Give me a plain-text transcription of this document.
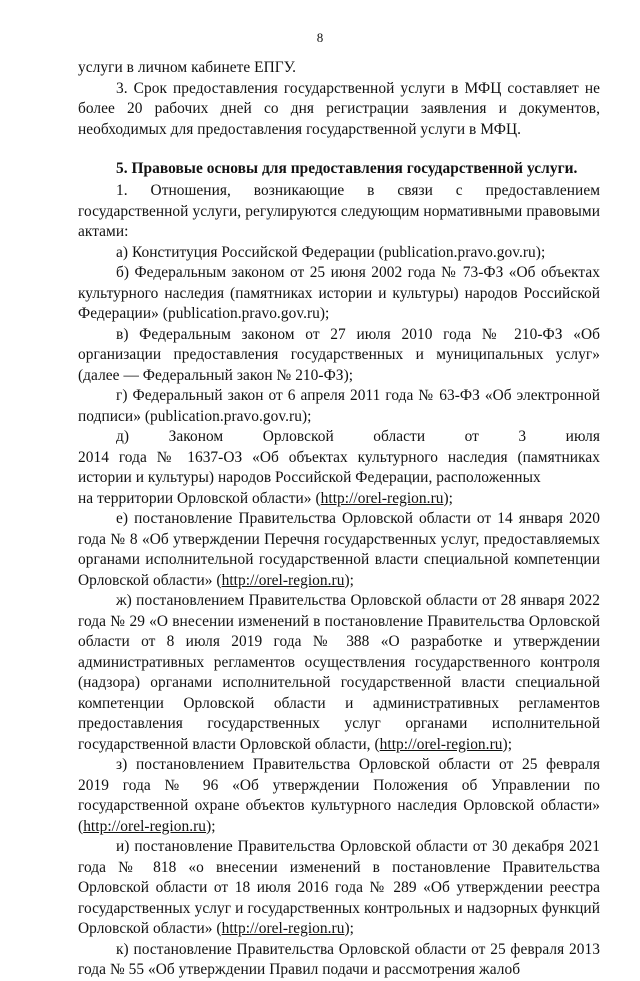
8

услуги в личном кабинете ЕПГУ.

3. Срок предоставления государственной услуги в МФЦ составляет не более 20 рабочих дней со дня регистрации заявления и документов, необходимых для предоставления государственной услуги в МФЦ.

5. Правовые основы для предоставления государственной услуги.

1. Отношения, возникающие в связи с предоставлением государственной услуги, регулируются следующим нормативными правовыми актами:

а) Конституция Российской Федерации (publication.pravo.gov.ru);

б) Федеральным законом от 25 июня 2002 года № 73-ФЗ «Об объектах культурного наследия (памятниках истории и культуры) народов Российской Федерации» (publication.pravo.gov.ru);

в) Федеральным законом от 27 июля 2010 года № 210-ФЗ «Об организации предоставления государственных и муниципальных услуг» (далее — Федеральный закон № 210-ФЗ);

г) Федеральный закон от 6 апреля 2011 года № 63-ФЗ «Об электронной подписи» (publication.pravo.gov.ru);

д) Законом Орловской области от 3 июля

2014 года № 1637-ОЗ «Об объектах культурного наследия (памятниках истории и культуры) народов Российской Федерации, расположенных

на территории Орловской области» (http://orel-region.ru);

е) постановление Правительства Орловской области от 14 января 2020 года № 8 «Об утверждении Перечня государственных услуг, предоставляемых органами исполнительной государственной власти специальной компетенции Орловской области» (http://orel-region.ru);

ж) постановлением Правительства Орловской области от 28 января 2022 года № 29 «О внесении изменений в постановление Правительства Орловской области от 8 июля 2019 года № 388 «О разработке и утверждении административных регламентов осуществления государственного контроля (надзора) органами исполнительной государственной власти специальной компетенции Орловской области и административных регламентов предоставления государственных услуг органами исполнительной государственной власти Орловской области, (http://orel-region.ru);

з) постановлением Правительства Орловской области от 25 февраля 2019 года № 96 «Об утверждении Положения об Управлении по государственной охране объектов культурного наследия Орловской области» (http://orel-region.ru);

и) постановление Правительства Орловской области от 30 декабря 2021 года № 818 «о внесении изменений в постановление Правительства Орловской области от 18 июля 2016 года № 289 «Об утверждении реестра государственных услуг и государственных контрольных и надзорных функций Орловской области» (http://orel-region.ru);

к) постановление Правительства Орловской области от 25 февраля 2013 года № 55 «Об утверждении Правил подачи и рассмотрения жалоб
